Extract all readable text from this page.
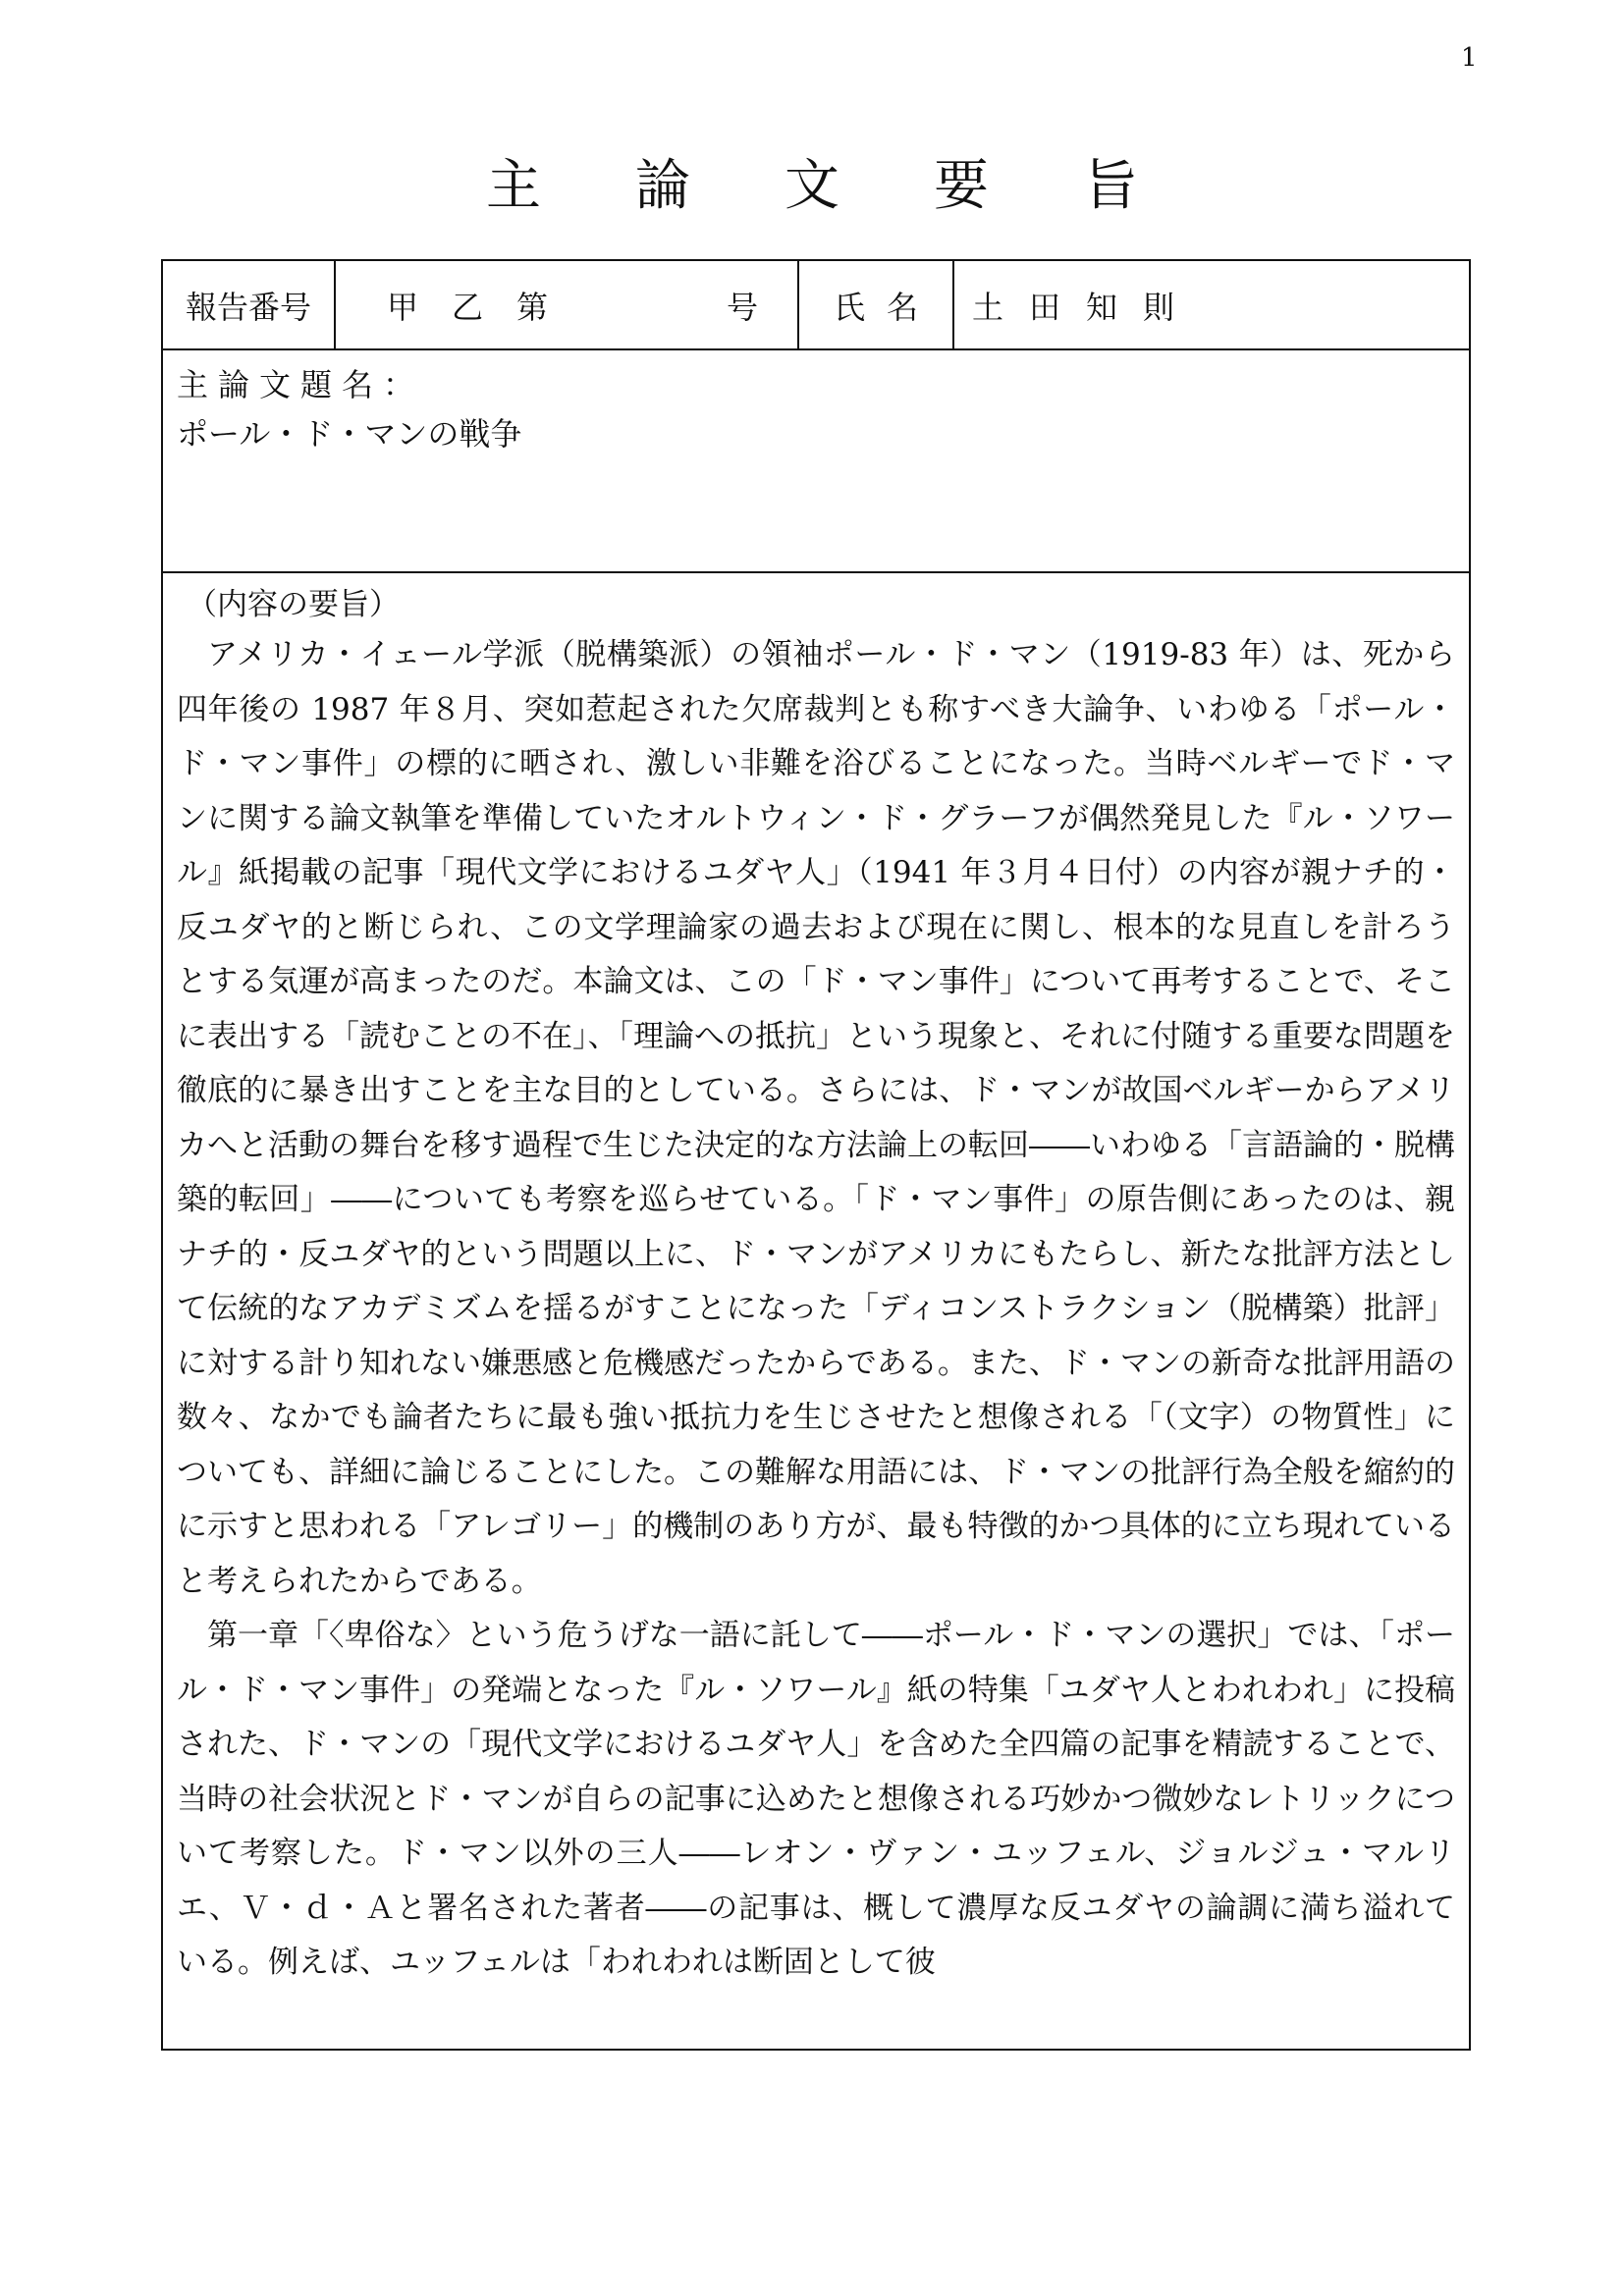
1
主論文要旨
報告番号	甲 乙 第	号	氏名	土田知則
主論文題名：
ポール・ド・マンの戦争
（内容の要旨）

アメリカ・イェール学派（脱構築派）の領袖ポール・ド・マン（1919-83 年）は、死から四年後の 1987 年８月、突如惹起された欠席裁判とも称すべき大論争、いわゆる「ポール・ド・マン事件」の標的に晒され、激しい非難を浴びることになった。当時ベルギーでド・マンに関する論文執筆を準備していたオルトウィン・ド・グラーフが偶然発見した『ル・ソワール』紙掲載の記事「現代文学におけるユダヤ人」（1941 年３月４日付）の内容が親ナチ的・反ユダヤ的と断じられ、この文学理論家の過去および現在に関し、根本的な見直しを計ろうとする気運が高まったのだ。本論文は、この「ド・マン事件」について再考することで、そこに表出する「読むことの不在」、「理論への抵抗」という現象と、それに付随する重要な問題を徹底的に暴き出すことを主な目的としている。さらには、ド・マンが故国ベルギーからアメリカへと活動の舞台を移す過程で生じた決定的な方法論上の転回――いわゆる「言語論的・脱構築的転回」――についても考察を巡らせている。「ド・マン事件」の原告側にあったのは、親ナチ的・反ユダヤ的という問題以上に、ド・マンがアメリカにもたらし、新たな批評方法として伝統的なアカデミズムを揺るがすことになった「ディコンストラクション（脱構築）批評」に対する計り知れない嫌悪感と危機感だったからである。また、ド・マンの新奇な批評用語の数々、なかでも論者たちに最も強い抵抗力を生じさせたと想像される「（文字）の物質性」についても、詳細に論じることにした。この難解な用語には、ド・マンの批評行為全般を縮約的に示すと思われる「アレゴリー」的機制のあり方が、最も特徴的かつ具体的に立ち現れていると考えられたからである。

第一章「〈卑俗な〉という危うげな一語に託して――ポール・ド・マンの選択」では、「ポール・ド・マン事件」の発端となった『ル・ソワール』紙の特集「ユダヤ人とわれわれ」に投稿された、ド・マンの「現代文学におけるユダヤ人」を含めた全四篇の記事を精読することで、当時の社会状況とド・マンが自らの記事に込めたと想像される巧妙かつ微妙なレトリックについて考察した。ド・マン以外の三人――レオン・ヴァン・ユッフェル、ジョルジュ・マルリエ、Ｖ・ｄ・Ａと署名された著者――の記事は、概して濃厚な反ユダヤの論調に満ち溢れている。例えば、ユッフェルは「われわれは断固として彼
